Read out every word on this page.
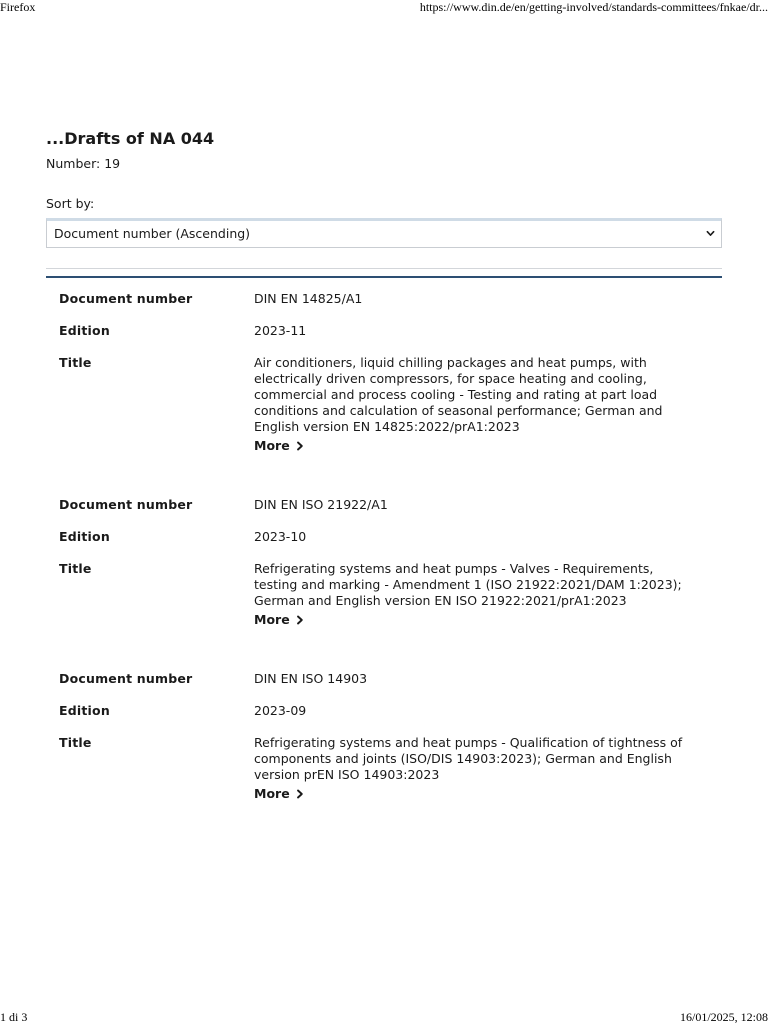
Firefox	https://www.din.de/en/getting-involved/standards-committees/fnkae/dr...
...Drafts of NA 044
Number: 19
Sort by:
Document number (Ascending)
Document number	DIN EN 14825/A1
Edition	2023-11
Title	Air conditioners, liquid chilling packages and heat pumps, with electrically driven compressors, for space heating and cooling, commercial and process cooling - Testing and rating at part load conditions and calculation of seasonal performance; German and English version EN 14825:2022/prA1:2023
More
Document number	DIN EN ISO 21922/A1
Edition	2023-10
Title	Refrigerating systems and heat pumps - Valves - Requirements, testing and marking - Amendment 1 (ISO 21922:2021/DAM 1:2023); German and English version EN ISO 21922:2021/prA1:2023
More
Document number	DIN EN ISO 14903
Edition	2023-09
Title	Refrigerating systems and heat pumps - Qualification of tightness of components and joints (ISO/DIS 14903:2023); German and English version prEN ISO 14903:2023
More
1 di 3	16/01/2025, 12:08
